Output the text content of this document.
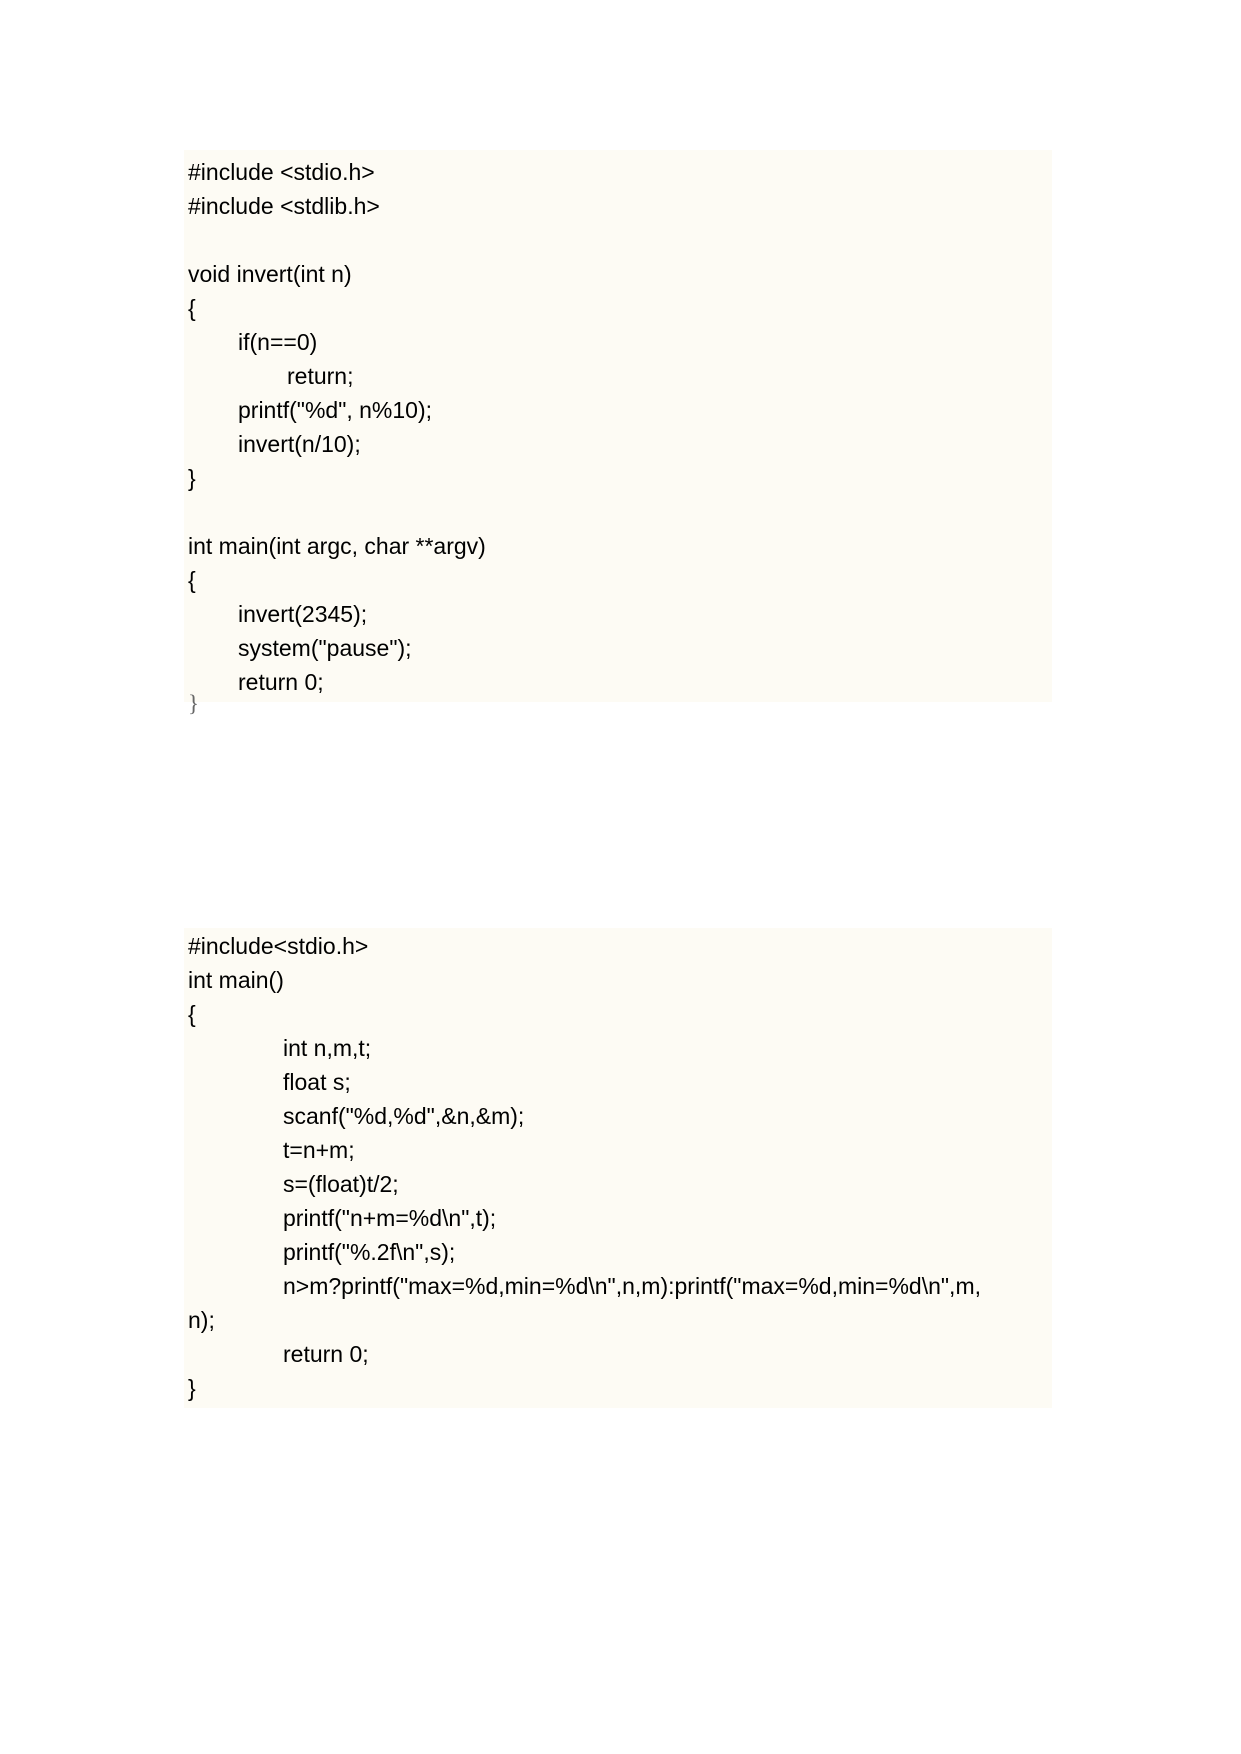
#include <stdio.h>
#include <stdlib.h>
void invert(int n)
{
if(n==0)
return;
printf("%d", n%10);
invert(n/10);
}
int main(int argc, char **argv)
{
invert(2345);
system("pause");
return 0;
}
#include<stdio.h>
int main()
{
int n,m,t;
float s;
scanf("%d,%d",&n,&m);
t=n+m;
s=(float)t/2;
printf("n+m=%d\n",t);
printf("%.2f\n",s);
n>m?printf("max=%d,min=%d\n",n,m):printf("max=%d,min=%d\n",m,
n);
return 0;
}
